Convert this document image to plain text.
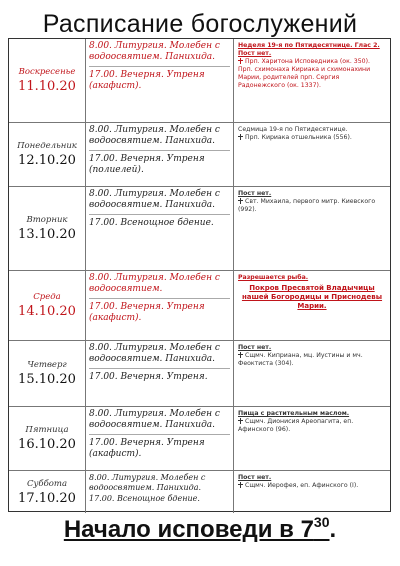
Расписание богослужений
Воскресенье
11.10.20
8.00. Литургия. Молебен с водоосвятием. Панихида.
17.00. Вечерня. Утреня (акафист).
Неделя 19-я по Пятидесятнице. Глас 2.
Пост нет.
Прп. Харитона Исповедника (ок. 350). Прп. схимонаха Кириака и схимонахини Марии, родителей прп. Сергия Радонежского (ок. 1337).
Понедельник
12.10.20
8.00. Литургия. Молебен с водоосвятием. Панихида.
17.00. Вечерня. Утреня (полиелей).
Седмица 19-я по Пятидесятнице.
Прп. Кириака отшельника (556).
Вторник
13.10.20
8.00. Литургия. Молебен с водоосвятием. Панихида.
17.00. Всенощное бдение.
Пост нет.
Свт. Михаила, первого митр. Киевского (992).
Среда
14.10.20
8.00. Литургия. Молебен с водоосвятием.
17.00. Вечерня. Утреня (акафист).
Разрешается рыба.
Покров Пресвятой Владычицы нашей Богородицы и Приснодевы Марии.
Четверг
15.10.20
8.00. Литургия. Молебен с водоосвятием. Панихида.
17.00. Вечерня. Утреня.
Пост нет.
Сщмч. Киприана, мц. Иустины и мч. Феоктиста (304).
Пятница
16.10.20
8.00. Литургия. Молебен с водоосвятием. Панихида.
17.00. Вечерня. Утреня (акафист).
Пища с растительным маслом.
Сщмч. Дионисия Ареопагита, еп. Афинского (96).
Суббота
17.10.20
8.00. Литургия. Молебен с водоосвятием. Панихида.
17.00. Всенощное бдение.
Пост нет.
Сщмч. Иерофея, еп. Афинского (I).
Начало исповеди в $7^{30}$.
